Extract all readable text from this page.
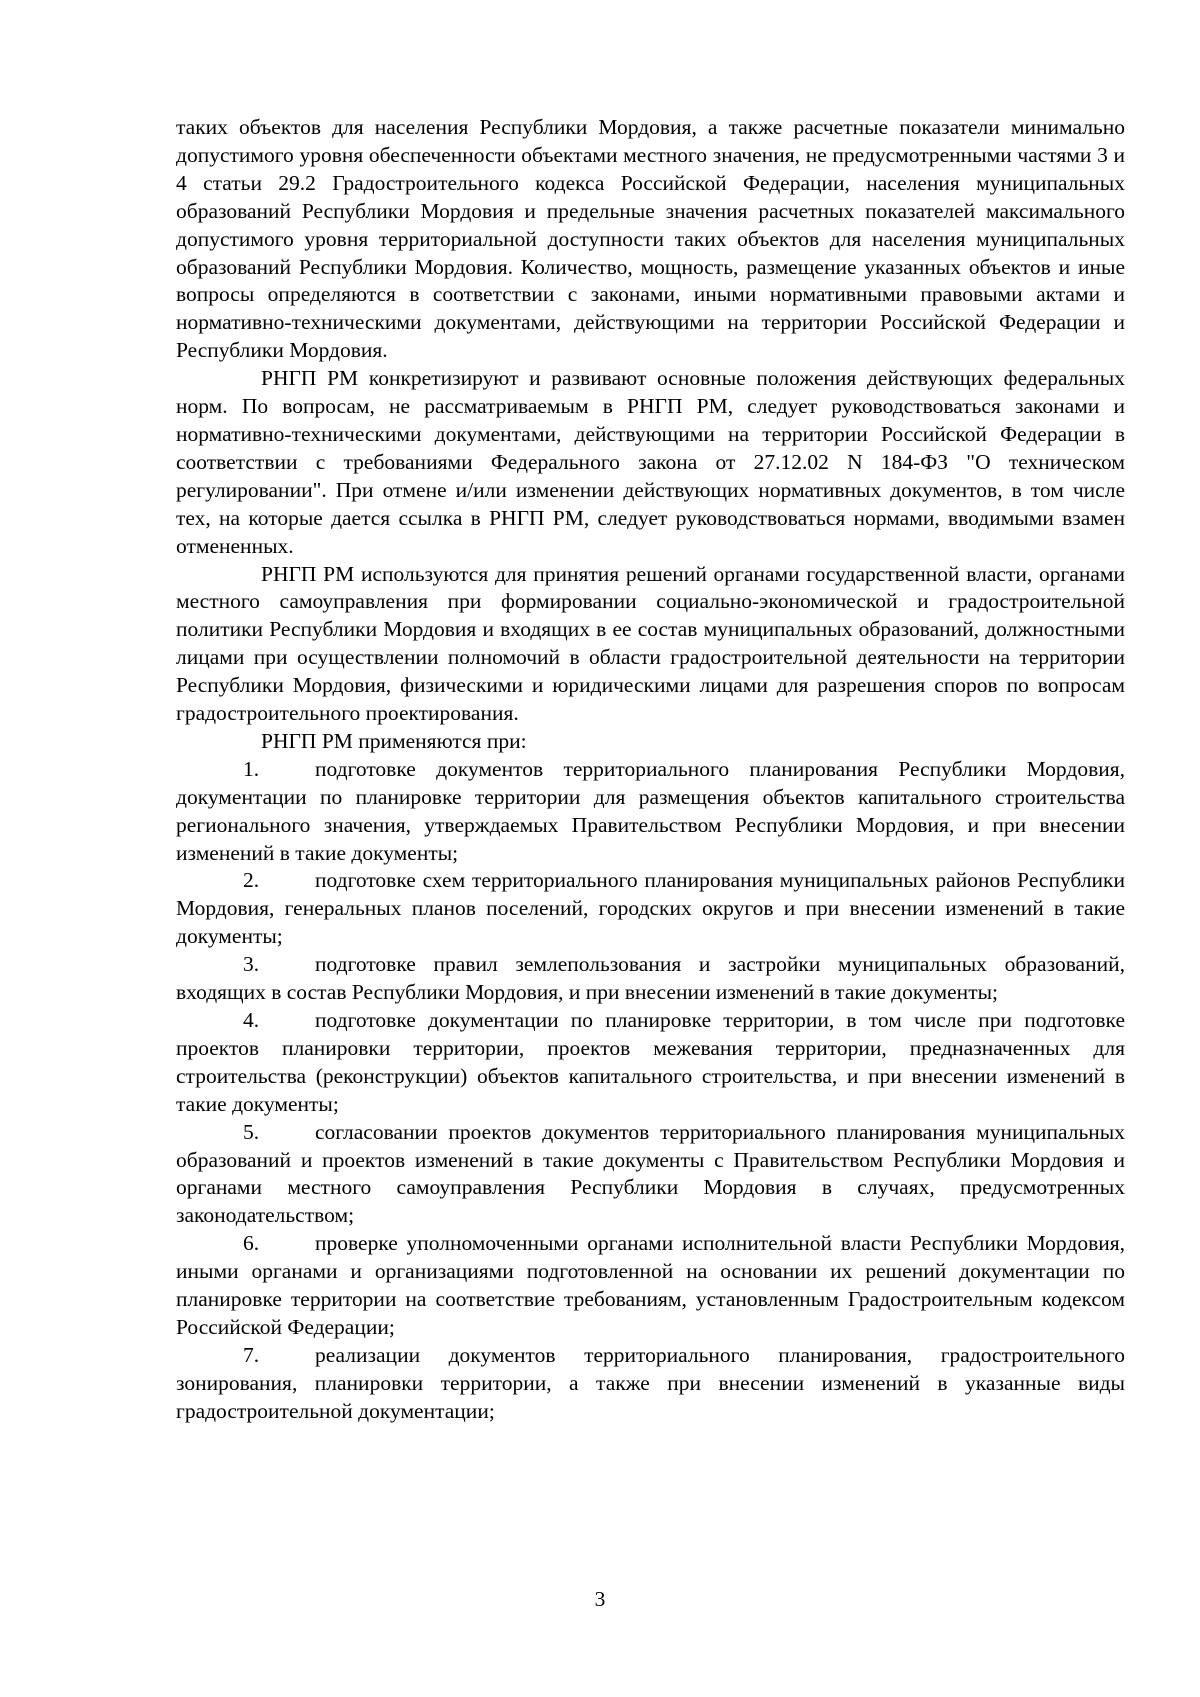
таких объектов для населения Республики Мордовия, а также расчетные показатели минимально допустимого уровня обеспеченности объектами местного значения, не предусмотренными частями 3 и 4 статьи 29.2 Градостроительного кодекса Российской Федерации, населения муниципальных образований Республики Мордовия и предельные значения расчетных показателей максимального допустимого уровня территориальной доступности таких объектов для населения муниципальных образований Республики Мордовия. Количество, мощность, размещение указанных объектов и иные вопросы определяются в соответствии с законами, иными нормативными правовыми актами и нормативно-техническими документами, действующими на территории Российской Федерации и Республики Мордовия.

РНГП РМ конкретизируют и развивают основные положения действующих федеральных норм. По вопросам, не рассматриваемым в РНГП РМ, следует руководствоваться законами и нормативно-техническими документами, действующими на территории Российской Федерации в соответствии с требованиями Федерального закона от 27.12.02 N 184-ФЗ "О техническом регулировании". При отмене и/или изменении действующих нормативных документов, в том числе тех, на которые дается ссылка в РНГП РМ, следует руководствоваться нормами, вводимыми взамен отмененных.

РНГП РМ используются для принятия решений органами государственной власти, органами местного самоуправления при формировании социально-экономической и градостроительной политики Республики Мордовия и входящих в ее состав муниципальных образований, должностными лицами при осуществлении полномочий в области градостроительной деятельности на территории Республики Мордовия, физическими и юридическими лицами для разрешения споров по вопросам градостроительного проектирования.

РНГП РМ применяются при:

1.	подготовке документов территориального планирования Республики Мордовия, документации по планировке территории для размещения объектов капитального строительства регионального значения, утверждаемых Правительством Республики Мордовия, и при внесении изменений в такие документы;

2.	подготовке схем территориального планирования муниципальных районов Республики Мордовия, генеральных планов поселений, городских округов и при внесении изменений в такие документы;

3.	подготовке правил землепользования и застройки муниципальных образований, входящих в состав Республики Мордовия, и при внесении изменений в такие документы;

4.	подготовке документации по планировке территории, в том числе при подготовке проектов планировки территории, проектов межевания территории, предназначенных для строительства (реконструкции) объектов капитального строительства, и при внесении изменений в такие документы;

5.	согласовании проектов документов территориального планирования муниципальных образований и проектов изменений в такие документы с Правительством Республики Мордовия и органами местного самоуправления Республики Мордовия в случаях, предусмотренных законодательством;

6.	проверке уполномоченными органами исполнительной власти Республики Мордовия, иными органами и организациями подготовленной на основании их решений документации по планировке территории на соответствие требованиям, установленным Градостроительным кодексом Российской Федерации;

7.	реализации документов территориального планирования, градостроительного зонирования, планировки территории, а также при внесении изменений в указанные виды градостроительной документации;

3
